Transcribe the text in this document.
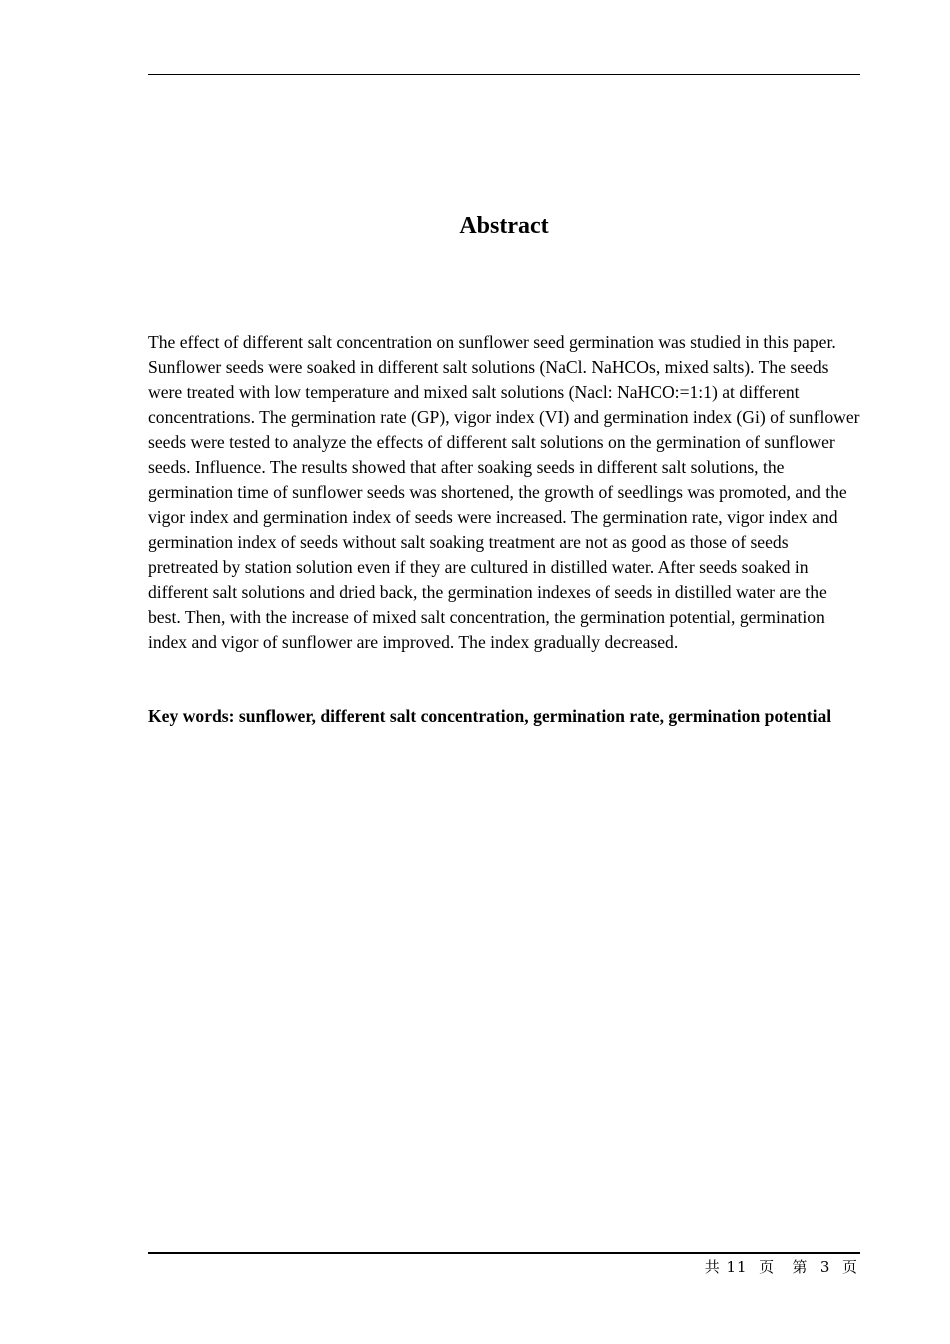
Abstract

The effect of different salt concentration on sunflower seed germination was studied in this paper. Sunflower seeds were soaked in different salt solutions (NaCl. NaHCOs, mixed salts). The seeds were treated with low temperature and mixed salt solutions (Nacl: NaHCO:=1:1) at different concentrations. The germination rate (GP), vigor index (VI) and germination index (Gi) of sunflower seeds were tested to analyze the effects of different salt solutions on the germination of sunflower seeds. Influence. The results showed that after soaking seeds in different salt solutions, the germination time of sunflower seeds was shortened, the growth of seedlings was promoted, and the vigor index and germination index of seeds were increased. The germination rate, vigor index and germination index of seeds without salt soaking treatment are not as good as those of seeds pretreated by station solution even if they are cultured in distilled water. After seeds soaked in different salt solutions and dried back, the germination indexes of seeds in distilled water are the best. Then, with the increase of mixed salt concentration, the germination potential, germination index and vigor of sunflower are improved. The index gradually decreased.

Key words: sunflower, different salt concentration, germination rate, germination potential

共 11  页   第  3  页
